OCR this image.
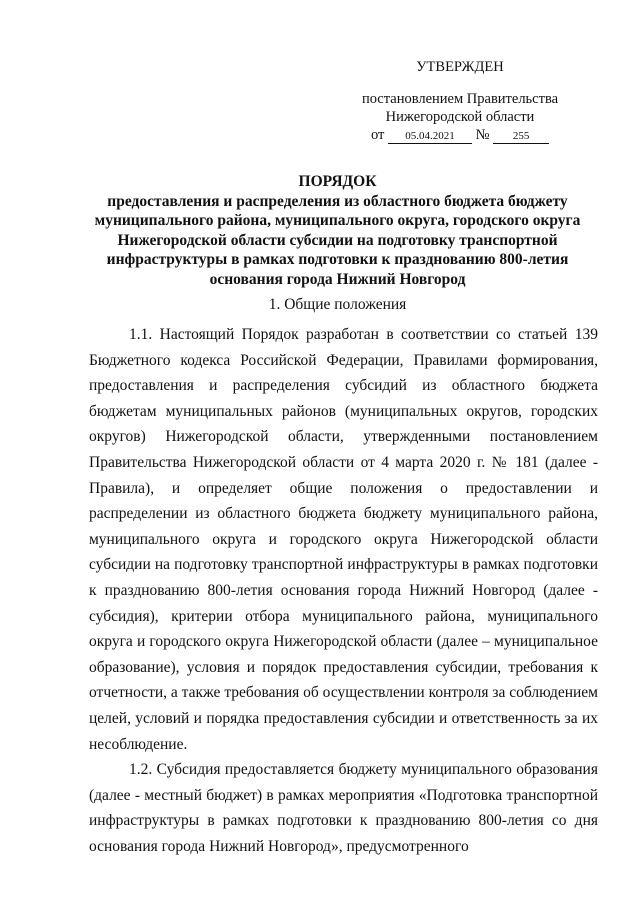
УТВЕРЖДЕН
постановлением Правительства
Нижегородской области
от 05.04.2021 № 255
ПОРЯДОК
предоставления и распределения из областного бюджета бюджету муниципального района, муниципального округа, городского округа Нижегородской области субсидии на подготовку транспортной инфраструктуры в рамках подготовки к празднованию 800-летия основания города Нижний Новгород
1. Общие положения

1.1. Настоящий Порядок разработан в соответствии со статьей 139 Бюджетного кодекса Российской Федерации, Правилами формирования, предоставления и распределения субсидий из областного бюджета бюджетам муниципальных районов (муниципальных округов, городских округов) Нижегородской области, утвержденными постановлением Правительства Нижегородской области от 4 марта 2020 г. № 181 (далее - Правила), и определяет общие положения о предоставлении и распределении из областного бюджета бюджету муниципального района, муниципального округа и городского округа Нижегородской области субсидии на подготовку транспортной инфраструктуры в рамках подготовки к празднованию 800-летия основания города Нижний Новгород (далее - субсидия), критерии отбора муниципального района, муниципального округа и городского округа Нижегородской области (далее – муниципальное образование), условия и порядок предоставления субсидии, требования к отчетности, а также требования об осуществлении контроля за соблюдением целей, условий и порядка предоставления субсидии и ответственность за их несоблюдение.

1.2. Субсидия предоставляется бюджету муниципального образования (далее - местный бюджет) в рамках мероприятия «Подготовка транспортной инфраструктуры в рамках подготовки к празднованию 800-летия со дня основания города Нижний Новгород», предусмотренного
